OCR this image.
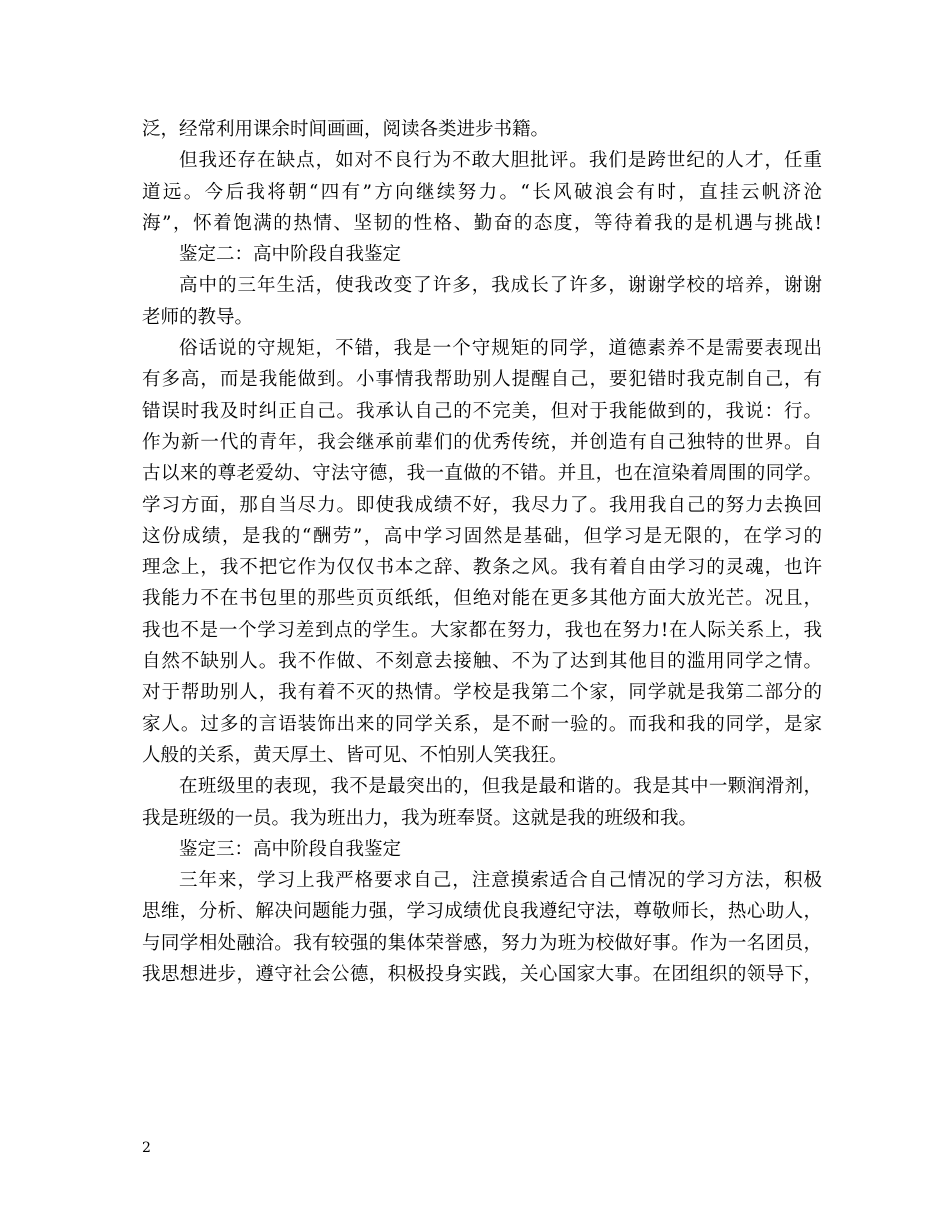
泛，经常利用课余时间画画，阅读各类进步书籍。
但我还存在缺点，如对不良行为不敢大胆批评。我们是跨世纪的人才，任重
道远。今后我将朝“四有”方向继续努力。“长风破浪会有时，直挂云帆济沧
海”，怀着饱满的热情、坚韧的性格、勤奋的态度，等待着我的是机遇与挑战!
鉴定二：高中阶段自我鉴定
高中的三年生活，使我改变了许多，我成长了许多，谢谢学校的培养，谢谢
老师的教导。
俗话说的守规矩，不错，我是一个守规矩的同学，道德素养不是需要表现出
有多高，而是我能做到。小事情我帮助别人提醒自己，要犯错时我克制自己，有
错误时我及时纠正自己。我承认自己的不完美，但对于我能做到的，我说：行。
作为新一代的青年，我会继承前辈们的优秀传统，并创造有自己独特的世界。自
古以来的尊老爱幼、守法守德，我一直做的不错。并且，也在渲染着周围的同学。
学习方面，那自当尽力。即使我成绩不好，我尽力了。我用我自己的努力去换回
这份成绩，是我的“酬劳”，高中学习固然是基础，但学习是无限的，在学习的
理念上，我不把它作为仅仅书本之辞、教条之风。我有着自由学习的灵魂，也许
我能力不在书包里的那些页页纸纸，但绝对能在更多其他方面大放光芒。况且，
我也不是一个学习差到点的学生。大家都在努力，我也在努力!在人际关系上，我
自然不缺别人。我不作做、不刻意去接触、不为了达到其他目的滥用同学之情。
对于帮助别人，我有着不灭的热情。学校是我第二个家，同学就是我第二部分的
家人。过多的言语装饰出来的同学关系，是不耐一验的。而我和我的同学，是家
人般的关系，黄天厚土、皆可见、不怕别人笑我狂。
在班级里的表现，我不是最突出的，但我是最和谐的。我是其中一颗润滑剂，
我是班级的一员。我为班出力，我为班奉贤。这就是我的班级和我。
鉴定三：高中阶段自我鉴定
三年来，学习上我严格要求自己，注意摸索适合自己情况的学习方法，积极
思维，分析、解决问题能力强，学习成绩优良我遵纪守法，尊敬师长，热心助人，
与同学相处融洽。我有较强的集体荣誉感，努力为班为校做好事。作为一名团员，
我思想进步，遵守社会公德，积极投身实践，关心国家大事。在团组织的领导下，
2
